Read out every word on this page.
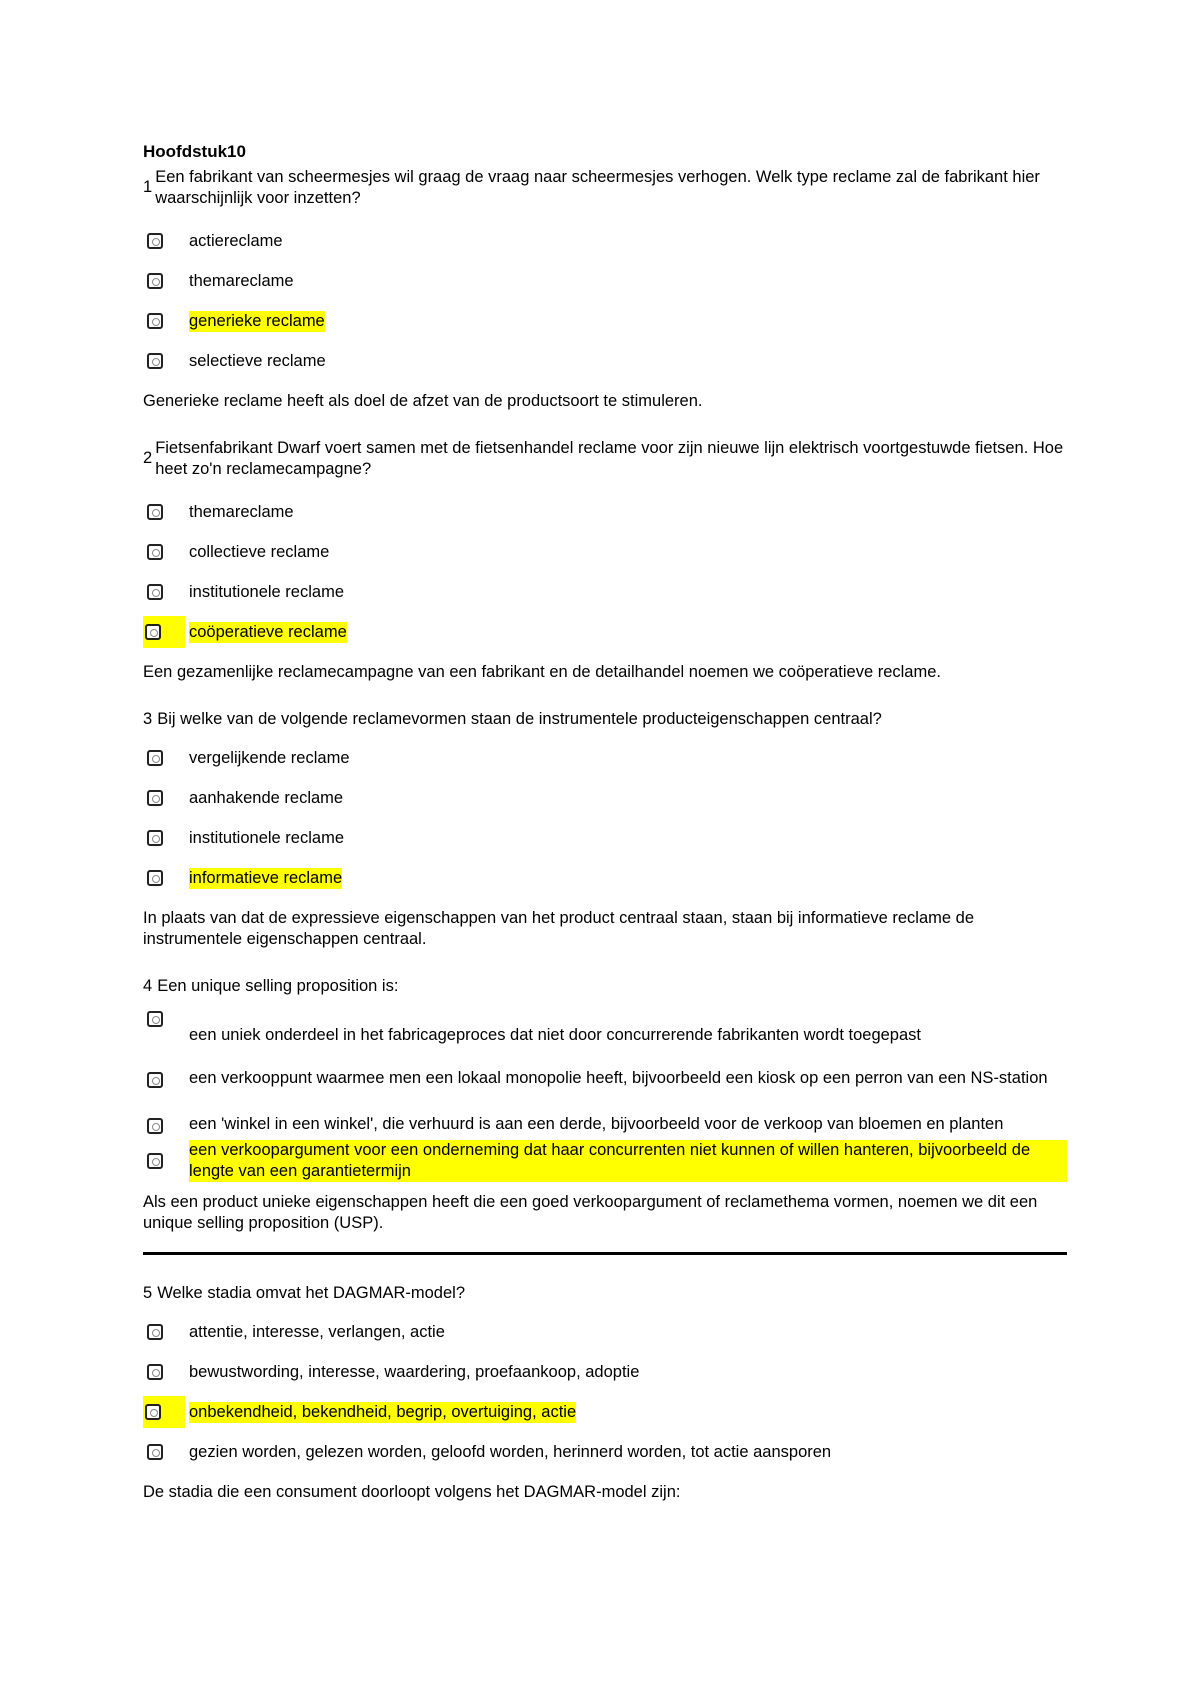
Hoofdstuk10
1
Een fabrikant van scheermesjes wil graag de vraag naar scheermesjes verhogen. Welk type reclame zal de fabrikant hier waarschijnlijk voor inzetten?
actiereclame
themareclame
generieke reclame
selectieve reclame
Generieke reclame heeft als doel de afzet van de productsoort te stimuleren.
2
Fietsenfabrikant Dwarf voert samen met de fietsenhandel reclame voor zijn nieuwe lijn elektrisch voortgestuwde fietsen. Hoe heet zo'n reclamecampagne?
themareclame
collectieve reclame
institutionele reclame
coöperatieve reclame
Een gezamenlijke reclamecampagne van een fabrikant en de detailhandel noemen we coöperatieve reclame.
3 Bij welke van de volgende reclamevormen staan de instrumentele producteigenschappen centraal?
vergelijkende reclame
aanhakende reclame
institutionele reclame
informatieve reclame
In plaats van dat de expressieve eigenschappen van het product centraal staan, staan bij informatieve reclame de instrumentele eigenschappen centraal.
4 Een unique selling proposition is:
een uniek onderdeel in het fabricageproces dat niet door concurrerende fabrikanten wordt toegepast
een verkooppunt waarmee men een lokaal monopolie heeft, bijvoorbeeld een kiosk op een perron van een NS-station
een 'winkel in een winkel', die verhuurd is aan een derde, bijvoorbeeld voor de verkoop van bloemen en planten
een verkoopargument voor een onderneming dat haar concurrenten niet kunnen of willen hanteren, bijvoorbeeld de lengte van een garantietermijn
Als een product unieke eigenschappen heeft die een goed verkoopargument of reclamethema vormen, noemen we dit een unique selling proposition (USP).
5 Welke stadia omvat het DAGMAR-model?
attentie, interesse, verlangen, actie
bewustwording, interesse, waardering, proefaankoop, adoptie
onbekendheid, bekendheid, begrip, overtuiging, actie
gezien worden, gelezen worden, geloofd worden, herinnerd worden, tot actie aansporen
De stadia die een consument doorloopt volgens het DAGMAR-model zijn:
